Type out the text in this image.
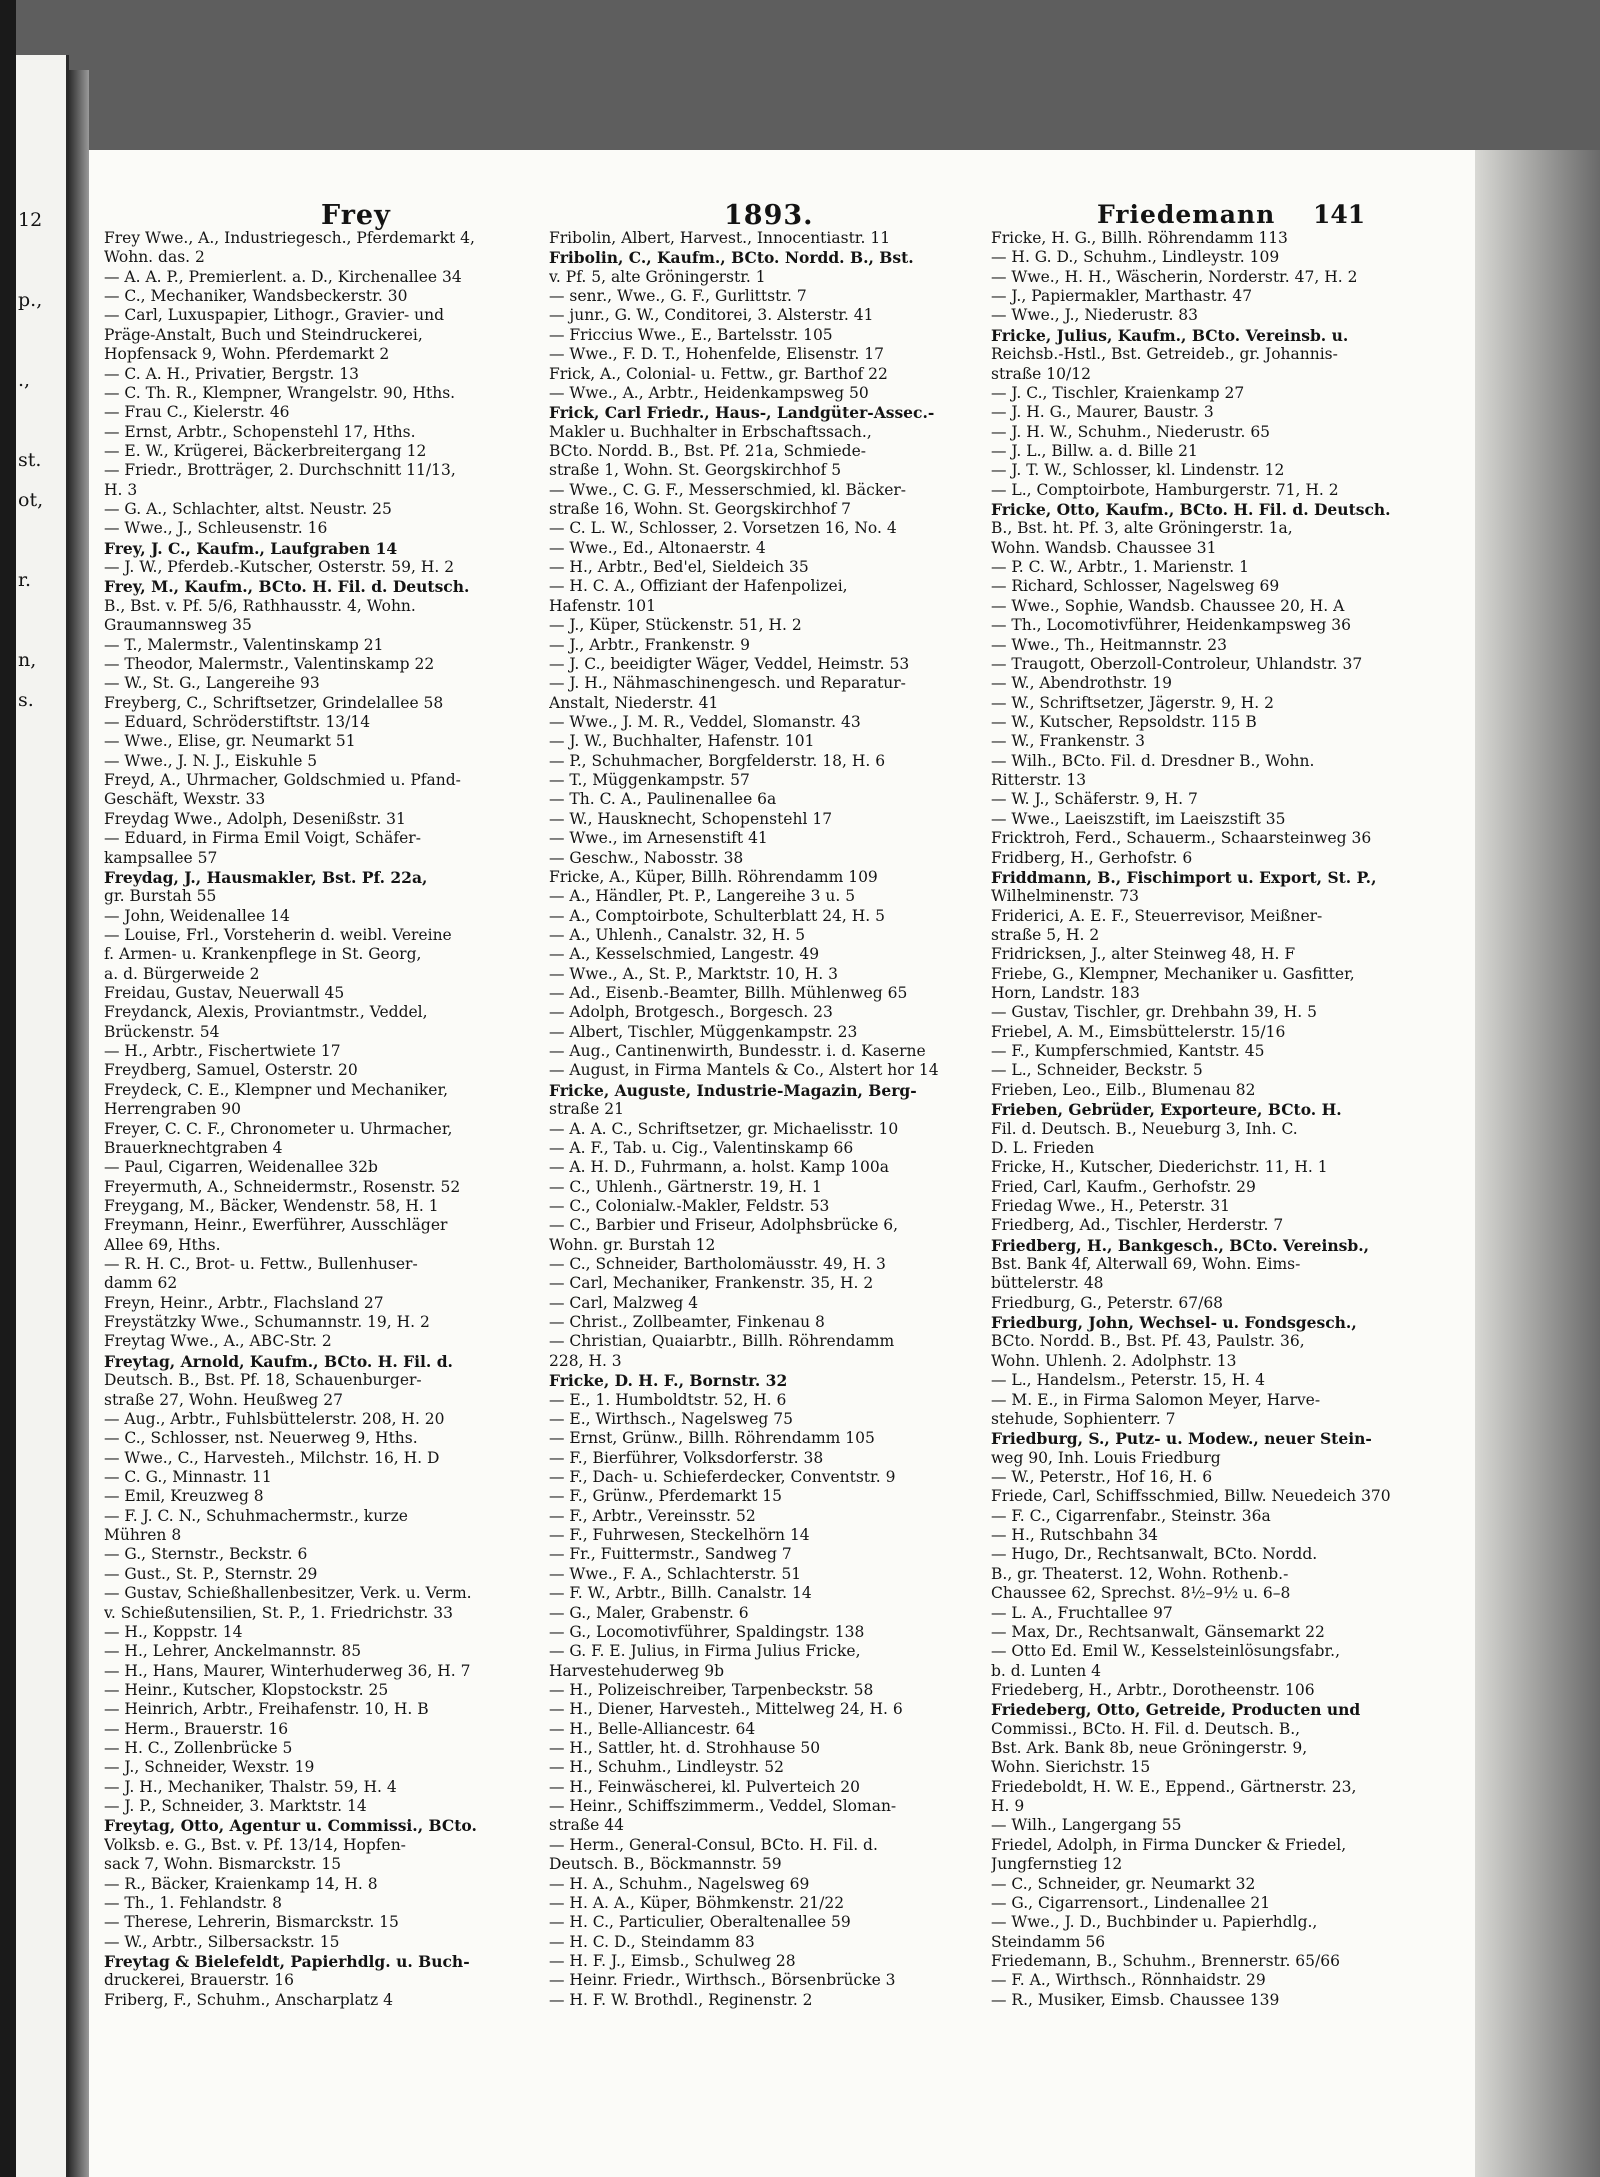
12
p.,
.,
st.
ot,
r.
n,
s.
Frey	1893.	Friedemann 141
Frey Wwe., A., Industriegesch., Pferdemarkt 4,
Wohn. das. 2
— A. A. P., Premierlent. a. D., Kirchenallee 34
— C., Mechaniker, Wandsbeckerstr. 30
— Carl, Luxuspapier, Lithogr., Gravier- und
Präge-Anstalt, Buch und Steindruckerei,
Hopfensack 9, Wohn. Pferdemarkt 2
— C. A. H., Privatier, Bergstr. 13
— C. Th. R., Klempner, Wrangelstr. 90, Hths.
— Frau C., Kielerstr. 46
— Ernst, Arbtr., Schopenstehl 17, Hths.
— E. W., Krügerei, Bäckerbreitergang 12
— Friedr., Brotträger, 2. Durchschnitt 11/13,
H. 3
— G. A., Schlachter, altst. Neustr. 25
— Wwe., J., Schleusenstr. 16
Frey, J. C., Kaufm., Laufgraben 14
— J. W., Pferdeb.-Kutscher, Osterstr. 59, H. 2
Frey, M., Kaufm., BCto. H. Fil. d. Deutsch.
B., Bst. v. Pf. 5/6, Rathhausstr. 4, Wohn.
Graumannsweg 35
— T., Malermstr., Valentinskamp 21
— Theodor, Malermstr., Valentinskamp 22
— W., St. G., Langereihe 93
Freyberg, C., Schriftsetzer, Grindelallee 58
— Eduard, Schröderstiftstr. 13/14
— Wwe., Elise, gr. Neumarkt 51
— Wwe., J. N. J., Eiskuhle 5
Freyd, A., Uhrmacher, Goldschmied u. Pfand-
Geschäft, Wexstr. 33
Freydag Wwe., Adolph, Desenißstr. 31
— Eduard, in Firma Emil Voigt, Schäfer-
kampsallee 57
Freydag, J., Hausmakler, Bst. Pf. 22a,
gr. Burstah 55
— John, Weidenallee 14
— Louise, Frl., Vorsteherin d. weibl. Vereine
f. Armen- u. Krankenpflege in St. Georg,
a. d. Bürgerweide 2
Freidau, Gustav, Neuerwall 45
Freydanck, Alexis, Proviantmstr., Veddel,
Brückenstr. 54
— H., Arbtr., Fischertwiete 17
Freydberg, Samuel, Osterstr. 20
Freydeck, C. E., Klempner und Mechaniker,
Herrengraben 90
Freyer, C. C. F., Chronometer u. Uhrmacher,
Brauerknechtgraben 4
— Paul, Cigarren, Weidenallee 32b
Freyermuth, A., Schneidermstr., Rosenstr. 52
Freygang, M., Bäcker, Wendenstr. 58, H. 1
Freymann, Heinr., Ewerführer, Ausschläger
Allee 69, Hths.
— R. H. C., Brot- u. Fettw., Bullenhuser-
damm 62
Freyn, Heinr., Arbtr., Flachsland 27
Freystätzky Wwe., Schumannstr. 19, H. 2
Freytag Wwe., A., ABC-Str. 2
Freytag, Arnold, Kaufm., BCto. H. Fil. d.
Deutsch. B., Bst. Pf. 18, Schauenburger-
straße 27, Wohn. Heußweg 27
— Aug., Arbtr., Fuhlsbüttelerstr. 208, H. 20
— C., Schlosser, nst. Neuerweg 9, Hths.
— Wwe., C., Harvesteh., Milchstr. 16, H. D
— C. G., Minnastr. 11
— Emil, Kreuzweg 8
— F. J. C. N., Schuhmachermstr., kurze
Mühren 8
— G., Sternstr., Beckstr. 6
— Gust., St. P., Sternstr. 29
— Gustav, Schießhallenbesitzer, Verk. u. Verm.
v. Schießutensilien, St. P., 1. Friedrichstr. 33
— H., Koppstr. 14
— H., Lehrer, Anckelmannstr. 85
— H., Hans, Maurer, Winterhuderweg 36, H. 7
— Heinr., Kutscher, Klopstockstr. 25
— Heinrich, Arbtr., Freihafenstr. 10, H. B
— Herm., Brauerstr. 16
— H. C., Zollenbrücke 5
— J., Schneider, Wexstr. 19
— J. H., Mechaniker, Thalstr. 59, H. 4
— J. P., Schneider, 3. Marktstr. 14
Freytag, Otto, Agentur u. Commissi., BCto.
Volksb. e. G., Bst. v. Pf. 13/14, Hopfen-
sack 7, Wohn. Bismarckstr. 15
— R., Bäcker, Kraienkamp 14, H. 8
— Th., 1. Fehlandstr. 8
— Therese, Lehrerin, Bismarckstr. 15
— W., Arbtr., Silbersackstr. 15
Freytag & Bielefeldt, Papierhdlg. u. Buch-
druckerei, Brauerstr. 16
Friberg, F., Schuhm., Anscharplatz 4
Fribolin, Albert, Harvest., Innocentiastr. 11
Fribolin, C., Kaufm., BCto. Nordd. B., Bst.
v. Pf. 5, alte Gröningerstr. 1
— senr., Wwe., G. F., Gurlittstr. 7
— junr., G. W., Conditorei, 3. Alsterstr. 41
— Friccius Wwe., E., Bartelsstr. 105
— Wwe., F. D. T., Hohenfelde, Elisenstr. 17
Frick, A., Colonial- u. Fettw., gr. Barthof 22
— Wwe., A., Arbtr., Heidenkampsweg 50
Frick, Carl Friedr., Haus-, Landgüter-Assec.-
Makler u. Buchhalter in Erbschaftssach.,
BCto. Nordd. B., Bst. Pf. 21a, Schmiede-
straße 1, Wohn. St. Georgskirchhof 5
— Wwe., C. G. F., Messerschmied, kl. Bäcker-
straße 16, Wohn. St. Georgskirchhof 7
— C. L. W., Schlosser, 2. Vorsetzen 16, No. 4
— Wwe., Ed., Altonaerstr. 4
— H., Arbtr., Bed'el, Sieldeich 35
— H. C. A., Offiziant der Hafenpolizei,
Hafenstr. 101
— J., Küper, Stückenstr. 51, H. 2
— J., Arbtr., Frankenstr. 9
— J. C., beeidigter Wäger, Veddel, Heimstr. 53
— J. H., Nähmaschinengesch. und Reparatur-
Anstalt, Niederstr. 41
— Wwe., J. M. R., Veddel, Slomanstr. 43
— J. W., Buchhalter, Hafenstr. 101
— P., Schuhmacher, Borgfelderstr. 18, H. 6
— T., Müggenkampstr. 57
— Th. C. A., Paulinenallee 6a
— W., Hausknecht, Schopenstehl 17
— Wwe., im Arnesenstift 41
— Geschw., Nabosstr. 38
Fricke, A., Küper, Billh. Röhrendamm 109
— A., Händler, Pt. P., Langereihe 3 u. 5
— A., Comptoirbote, Schulterblatt 24, H. 5
— A., Uhlenh., Canalstr. 32, H. 5
— A., Kesselschmied, Langestr. 49
— Wwe., A., St. P., Marktstr. 10, H. 3
— Ad., Eisenb.-Beamter, Billh. Mühlenweg 65
— Adolph, Brotgesch., Borgesch. 23
— Albert, Tischler, Müggenkampstr. 23
— Aug., Cantinenwirth, Bundesstr. i. d. Kaserne
— August, in Firma Mantels & Co., Alstert hor 14
Fricke, Auguste, Industrie-Magazin, Berg-
straße 21
— A. A. C., Schriftsetzer, gr. Michaelisstr. 10
— A. F., Tab. u. Cig., Valentinskamp 66
— A. H. D., Fuhrmann, a. holst. Kamp 100a
— C., Uhlenh., Gärtnerstr. 19, H. 1
— C., Colonialw.-Makler, Feldstr. 53
— C., Barbier und Friseur, Adolphsbrücke 6,
Wohn. gr. Burstah 12
— C., Schneider, Bartholomäusstr. 49, H. 3
— Carl, Mechaniker, Frankenstr. 35, H. 2
— Carl, Malzweg 4
— Christ., Zollbeamter, Finkenau 8
— Christian, Quaiarbtr., Billh. Röhrendamm
228, H. 3
Fricke, D. H. F., Bornstr. 32
— E., 1. Humboldtstr. 52, H. 6
— E., Wirthsch., Nagelsweg 75
— Ernst, Grünw., Billh. Röhrendamm 105
— F., Bierführer, Volksdorferstr. 38
— F., Dach- u. Schieferdecker, Conventstr. 9
— F., Grünw., Pferdemarkt 15
— F., Arbtr., Vereinsstr. 52
— F., Fuhrwesen, Steckelhörn 14
— Fr., Fuittermstr., Sandweg 7
— Wwe., F. A., Schlachterstr. 51
— F. W., Arbtr., Billh. Canalstr. 14
— G., Maler, Grabenstr. 6
— G., Locomotivführer, Spaldingstr. 138
— G. F. E. Julius, in Firma Julius Fricke,
Harvestehuderweg 9b
— H., Polizeischreiber, Tarpenbeckstr. 58
— H., Diener, Harvesteh., Mittelweg 24, H. 6
— H., Belle-Alliancestr. 64
— H., Sattler, ht. d. Strohhause 50
— H., Schuhm., Lindleystr. 52
— H., Feinwäscherei, kl. Pulverteich 20
— Heinr., Schiffszimmerm., Veddel, Sloman-
straße 44
— Herm., General-Consul, BCto. H. Fil. d.
Deutsch. B., Böckmannstr. 59
— H. A., Schuhm., Nagelsweg 69
— H. A. A., Küper, Böhmkenstr. 21/22
— H. C., Particulier, Oberaltenallee 59
— H. C. D., Steindamm 83
— H. F. J., Eimsb., Schulweg 28
— Heinr. Friedr., Wirthsch., Börsenbrücke 3
— H. F. W. Brothdl., Reginenstr. 2
Fricke, H. G., Billh. Röhrendamm 113
— H. G. D., Schuhm., Lindleystr. 109
— Wwe., H. H., Wäscherin, Norderstr. 47, H. 2
— J., Papiermakler, Marthastr. 47
— Wwe., J., Niederustr. 83
Fricke, Julius, Kaufm., BCto. Vereinsb. u.
Reichsb.-Hstl., Bst. Getreideb., gr. Johannis-
straße 10/12
— J. C., Tischler, Kraienkamp 27
— J. H. G., Maurer, Baustr. 3
— J. H. W., Schuhm., Niederustr. 65
— J. L., Billw. a. d. Bille 21
— J. T. W., Schlosser, kl. Lindenstr. 12
— L., Comptoirbote, Hamburgerstr. 71, H. 2
Fricke, Otto, Kaufm., BCto. H. Fil. d. Deutsch.
B., Bst. ht. Pf. 3, alte Gröningerstr. 1a,
Wohn. Wandsb. Chaussee 31
— P. C. W., Arbtr., 1. Marienstr. 1
— Richard, Schlosser, Nagelsweg 69
— Wwe., Sophie, Wandsb. Chaussee 20, H. A
— Th., Locomotivführer, Heidenkampsweg 36
— Wwe., Th., Heitmannstr. 23
— Traugott, Oberzoll-Controleur, Uhlandstr. 37
— W., Abendrothstr. 19
— W., Schriftsetzer, Jägerstr. 9, H. 2
— W., Kutscher, Repsoldstr. 115 B
— W., Frankenstr. 3
— Wilh., BCto. Fil. d. Dresdner B., Wohn.
Ritterstr. 13
— W. J., Schäferstr. 9, H. 7
— Wwe., Laeiszstift, im Laeiszstift 35
Fricktroh, Ferd., Schauerm., Schaarsteinweg 36
Fridberg, H., Gerhofstr. 6
Friddmann, B., Fischimport u. Export, St. P.,
Wilhelminenstr. 73
Friderici, A. E. F., Steuerrevisor, Meißner-
straße 5, H. 2
Fridricksen, J., alter Steinweg 48, H. F
Friebe, G., Klempner, Mechaniker u. Gasfitter,
Horn, Landstr. 183
— Gustav, Tischler, gr. Drehbahn 39, H. 5
Friebel, A. M., Eimsbüttelerstr. 15/16
— F., Kumpferschmied, Kantstr. 45
— L., Schneider, Beckstr. 5
Frieben, Leo., Eilb., Blumenau 82
Frieben, Gebrüder, Exporteure, BCto. H.
Fil. d. Deutsch. B., Neueburg 3, Inh. C.
D. L. Frieden
Fricke, H., Kutscher, Diederichstr. 11, H. 1
Fried, Carl, Kaufm., Gerhofstr. 29
Friedag Wwe., H., Peterstr. 31
Friedberg, Ad., Tischler, Herderstr. 7
Friedberg, H., Bankgesch., BCto. Vereinsb.,
Bst. Bank 4f, Alterwall 69, Wohn. Eims-
büttelerstr. 48
Friedburg, G., Peterstr. 67/68
Friedburg, John, Wechsel- u. Fondsgesch.,
BCto. Nordd. B., Bst. Pf. 43, Paulstr. 36,
Wohn. Uhlenh. 2. Adolphstr. 13
— L., Handelsm., Peterstr. 15, H. 4
— M. E., in Firma Salomon Meyer, Harve-
stehude, Sophienterr. 7
Friedburg, S., Putz- u. Modew., neuer Stein-
weg 90, Inh. Louis Friedburg
— W., Peterstr., Hof 16, H. 6
Friede, Carl, Schiffsschmied, Billw. Neuedeich 370
— F. C., Cigarrenfabr., Steinstr. 36a
— H., Rutschbahn 34
— Hugo, Dr., Rechtsanwalt, BCto. Nordd.
B., gr. Theaterst. 12, Wohn. Rothenb.-
Chaussee 62, Sprechst. 8½–9½ u. 6–8
— L. A., Fruchtallee 97
— Max, Dr., Rechtsanwalt, Gänsemarkt 22
— Otto Ed. Emil W., Kesselsteinlösungsfabr.,
b. d. Lunten 4
Friedeberg, H., Arbtr., Dorotheenstr. 106
Friedeberg, Otto, Getreide, Producten und
Commissi., BCto. H. Fil. d. Deutsch. B.,
Bst. Ark. Bank 8b, neue Gröningerstr. 9,
Wohn. Sierichstr. 15
Friedeboldt, H. W. E., Eppend., Gärtnerstr. 23,
H. 9
— Wilh., Langergang 55
Friedel, Adolph, in Firma Duncker & Friedel,
Jungfernstieg 12
— C., Schneider, gr. Neumarkt 32
— G., Cigarrensort., Lindenallee 21
— Wwe., J. D., Buchbinder u. Papierhdlg.,
Steindamm 56
Friedemann, B., Schuhm., Brennerstr. 65/66
— F. A., Wirthsch., Rönnhaidstr. 29
— R., Musiker, Eimsb. Chaussee 139
